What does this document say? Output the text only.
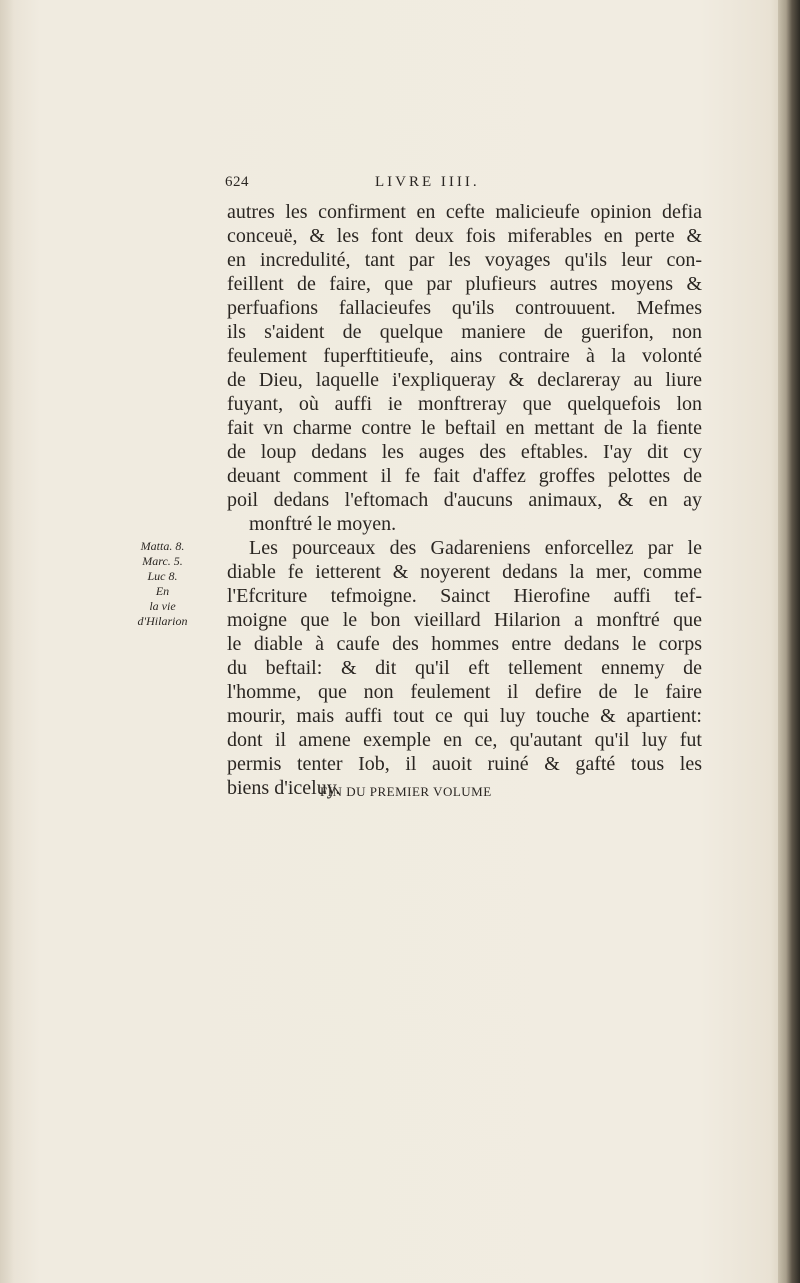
624	LIVRE IIII.
autres les confirment en cefte malicieufe opinion defia
conceuë, & les font deux fois miferables en perte &
en incredulité, tant par les voyages qu'ils leur con-
feillent de faire, que par plufieurs autres moyens &
perfuafions fallacieufes qu'ils controuuent. Mefmes
ils s'aident de quelque maniere de guerifon, non
feulement fuperftitieufe, ains contraire à la volonté
de Dieu, laquelle i'expliqueray & declareray au liure
fuyant, où auffi ie monftreray que quelquefois lon
fait vn charme contre le beftail en mettant de la fiente
de loup dedans les auges des eftables. I'ay dit cy
deuant comment il fe fait d'affez groffes pelottes de
poil dedans l'eftomach d'aucuns animaux, & en ay
monftré le moyen.
Les pourceaux des Gadareniens enforcellez par le
diable fe ietterent & noyerent dedans la mer, comme
l'Efcriture tefmoigne. Sainct Hierofine auffi tef-
moigne que le bon vieillard Hilarion a monftré que
le diable à caufe des hommes entre dedans le corps
du beftail: & dit qu'il eft tellement ennemy de
l'homme, que non feulement il defire de le faire
mourir, mais auffi tout ce qui luy touche & apartient:
dont il amene exemple en ce, qu'autant qu'il luy fut
permis tenter Iob, il auoit ruiné & gafté tous les
biens d'iceluy.
Matta. 8.
Marc. 5.
Luc 8.
En
la vie
d'Hilarion
FIN DU PREMIER VOLUME
